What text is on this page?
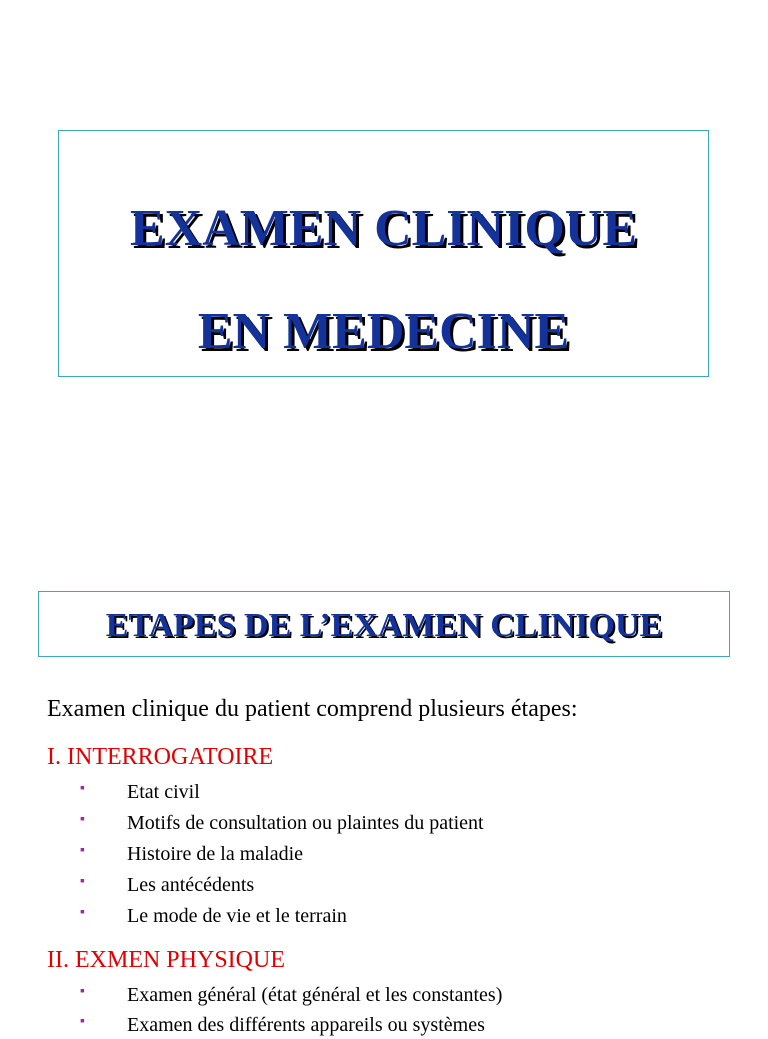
EXAMEN CLINIQUE
EN MEDECINE
ETAPES DE L’EXAMEN CLINIQUE
Examen clinique du patient comprend plusieurs étapes:
I. INTERROGATOIRE
▪ Etat civil
▪ Motifs de consultation ou plaintes du patient
▪ Histoire de la maladie
▪ Les antécédents
▪ Le mode de vie et le terrain
II. EXMEN PHYSIQUE
▪ Examen général (état général et les constantes)
▪ Examen des différents appareils ou systèmes
